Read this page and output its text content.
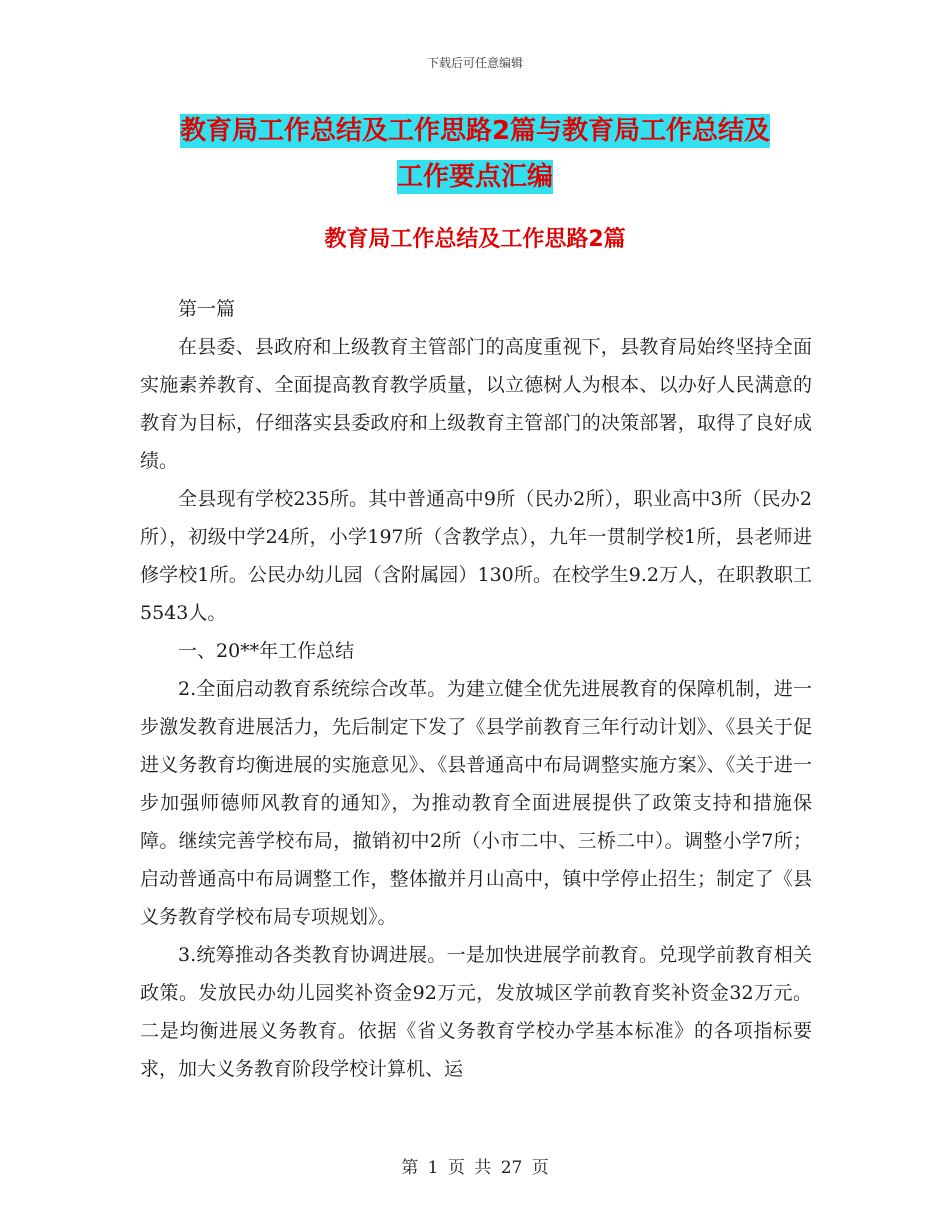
下载后可任意编辑
教育局工作总结及工作思路2篇与教育局工作总结及
工作要点汇编
教育局工作总结及工作思路2篇

第一篇

在县委、县政府和上级教育主管部门的高度重视下，县教育局始终坚持全面实施素养教育、全面提高教育教学质量，以立德树人为根本、以办好人民满意的教育为目标，仔细落实县委政府和上级教育主管部门的决策部署，取得了良好成绩。

全县现有学校235所。其中普通高中9所（民办2所），职业高中3所（民办2所），初级中学24所，小学197所（含教学点），九年一贯制学校1所，县老师进修学校1所。公民办幼儿园（含附属园）130所。在校学生9.2万人，在职教职工5543人。

一、20**年工作总结

2.全面启动教育系统综合改革。为建立健全优先进展教育的保障机制，进一步激发教育进展活力，先后制定下发了《县学前教育三年行动计划》、《县关于促进义务教育均衡进展的实施意见》、《县普通高中布局调整实施方案》、《关于进一步加强师德师风教育的通知》，为推动教育全面进展提供了政策支持和措施保障。继续完善学校布局，撤销初中2所（小市二中、三桥二中）。调整小学7所；启动普通高中布局调整工作，整体撤并月山高中，镇中学停止招生；制定了《县义务教育学校布局专项规划》。

3.统筹推动各类教育协调进展。一是加快进展学前教育。兑现学前教育相关政策。发放民办幼儿园奖补资金92万元，发放城区学前教育奖补资金32万元。二是均衡进展义务教育。依据《省义务教育学校办学基本标准》的各项指标要求，加大义务教育阶段学校计算机、运

第 1 页 共 27 页
